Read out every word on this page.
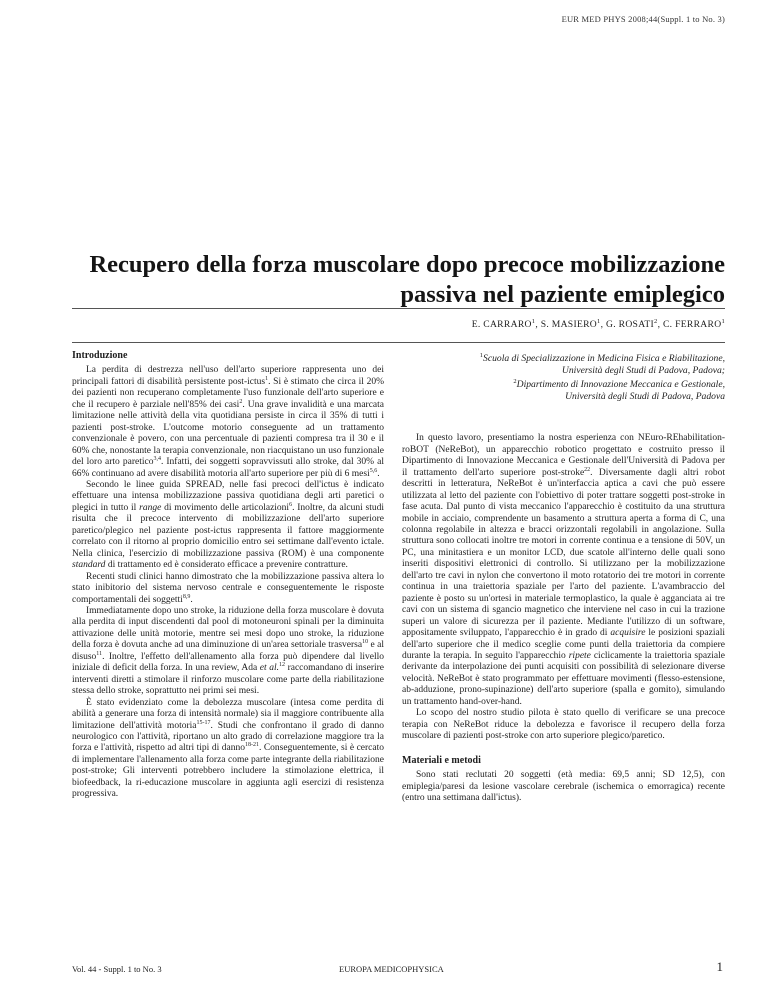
EUR MED PHYS 2008;44(Suppl. 1 to No. 3)
Recupero della forza muscolare dopo precoce mobilizzazione
passiva nel paziente emiplegico
E. CARRARO$^1$, S. MASIERO$^1$, G. ROSATI$^2$, C. FERRARO$^1$
Introduzione

La perdita di destrezza nell'uso dell'arto superiore rappresenta uno dei principali fattori di disabilità persistente post-ictus$^1$. Si è stimato che circa il 20% dei pazienti non recuperano completamente l'uso funzionale dell'arto superiore e che il recupero è parziale nell'85% dei casi$^2$. Una grave invalidità e una marcata limitazione nelle attività della vita quotidiana persiste in circa il 35% di tutti i pazienti post-stroke. L'outcome motorio conseguente ad un trattamento convenzionale è povero, con una percentuale di pazienti compresa tra il 30 e il 60% che, nonostante la terapia convenzionale, non riacquistano un uso funzionale del loro arto paretico$^{3,4}$. Infatti, dei soggetti sopravvissuti allo stroke, dal 30% al 66% continuano ad avere disabilità motoria all'arto superiore per più di 6 mesi$^{5,6}$.

Secondo le linee guida SPREAD, nelle fasi precoci dell'ictus è indicato effettuare una intensa mobilizzazione passiva quotidiana degli arti paretici o plegici in tutto il range di movimento delle articolazioni$^6$. Inoltre, da alcuni studi risulta che il precoce intervento di mobilizzazione dell'arto superiore paretico/plegico nel paziente post-ictus rappresenta il fattore maggiormente correlato con il ritorno al proprio domicilio entro sei settimane dall'evento ictale. Nella clinica, l'esercizio di mobilizzazione passiva (ROM) è una componente standard di trattamento ed è considerato efficace a prevenire contratture.

Recenti studi clinici hanno dimostrato che la mobilizzazione passiva altera lo stato inibitorio del sistema nervoso centrale e conseguentemente le risposte comportamentali dei soggetti$^{8,9}$.

Immediatamente dopo uno stroke, la riduzione della forza muscolare è dovuta alla perdita di input discendenti dal pool di motoneuroni spinali per la diminuita attivazione delle unità motorie, mentre sei mesi dopo uno stroke, la riduzione della forza è dovuta anche ad una diminuzione di un'area settoriale trasversa$^{10}$ e al disuso$^{11}$. Inoltre, l'effetto dell'allenamento alla forza può dipendere dal livello iniziale di deficit della forza. In una review, Ada et al.$^{12}$ raccomandano di inserire interventi diretti a stimolare il rinforzo muscolare come parte della riabilitazione stessa dello stroke, soprattutto nei primi sei mesi.

È stato evidenziato come la debolezza muscolare (intesa come perdita di abilità a generare una forza di intensità normale) sia il maggiore contribuente alla limitazione dell'attività motoria$^{15-17}$. Studi che confrontano il grado di danno neurologico con l'attività, riportano un alto grado di correlazione maggiore tra la forza e l'attività, rispetto ad altri tipi di danno$^{18-21}$. Conseguentemente, si è cercato di implementare l'allenamento alla forza come parte integrante della riabilitazione post-stroke; Gli interventi potrebbero includere la stimolazione elettrica, il biofeedback, la ri-educazione muscolare in aggiunta agli esercizi di resistenza progressiva.

$^1$Scuola di Specializzazione in Medicina Fisica e Riabilitazione,
Università degli Studi di Padova, Padova;
$^2$Dipartimento di Innovazione Meccanica e Gestionale,
Università degli Studi di Padova, Padova

In questo lavoro, presentiamo la nostra esperienza con NEuro-REhabilitation-roBOT (NeReBot), un apparecchio robotico progettato e costruito presso il Dipartimento di Innovazione Meccanica e Gestionale dell'Università di Padova per il trattamento dell'arto superiore post-stroke$^{22}$. Diversamente dagli altri robot descritti in letteratura, NeReBot è un'interfaccia aptica a cavi che può essere utilizzata al letto del paziente con l'obiettivo di poter trattare soggetti post-stroke in fase acuta. Dal punto di vista meccanico l'apparecchio è costituito da una struttura mobile in acciaio, comprendente un basamento a struttura aperta a forma di C, una colonna regolabile in altezza e bracci orizzontali regolabili in angolazione. Sulla struttura sono collocati inoltre tre motori in corrente continua e a tensione di 50V, un PC, una minitastiera e un monitor LCD, due scatole all'interno delle quali sono inseriti dispositivi elettronici di controllo. Si utilizzano per la mobilizzazione dell'arto tre cavi in nylon che convertono il moto rotatorio dei tre motori in corrente continua in una traiettoria spaziale per l'arto del paziente. L'avambraccio del paziente è posto su un'ortesi in materiale termoplastico, la quale è agganciata ai tre cavi con un sistema di sgancio magnetico che interviene nel caso in cui la trazione superi un valore di sicurezza per il paziente. Mediante l'utilizzo di un software, appositamente sviluppato, l'apparecchio è in grado di acquisire le posizioni spaziali dell'arto superiore che il medico sceglie come punti della traiettoria da compiere durante la terapia. In seguito l'apparecchio ripete ciclicamente la traiettoria spaziale derivante da interpolazione dei punti acquisiti con possibilità di selezionare diverse velocità. NeReBot è stato programmato per effettuare movimenti (flesso-estensione, ab-adduzione, prono-supinazione) dell'arto superiore (spalla e gomito), simulando un trattamento hand-over-hand.

Lo scopo del nostro studio pilota è stato quello di verificare se una precoce terapia con NeReBot riduce la debolezza e favorisce il recupero della forza muscolare di pazienti post-stroke con arto superiore plegico/paretico.

Materiali e metodi

Sono stati reclutati 20 soggetti (età media: 69,5 anni; SD 12,5), con emiplegia/paresi da lesione vascolare cerebrale (ischemica o emorragica) recente (entro una settimana dall'ictus).

Vol. 44 - Suppl. 1 to No. 3	EUROPA MEDICOPHYSICA	1
